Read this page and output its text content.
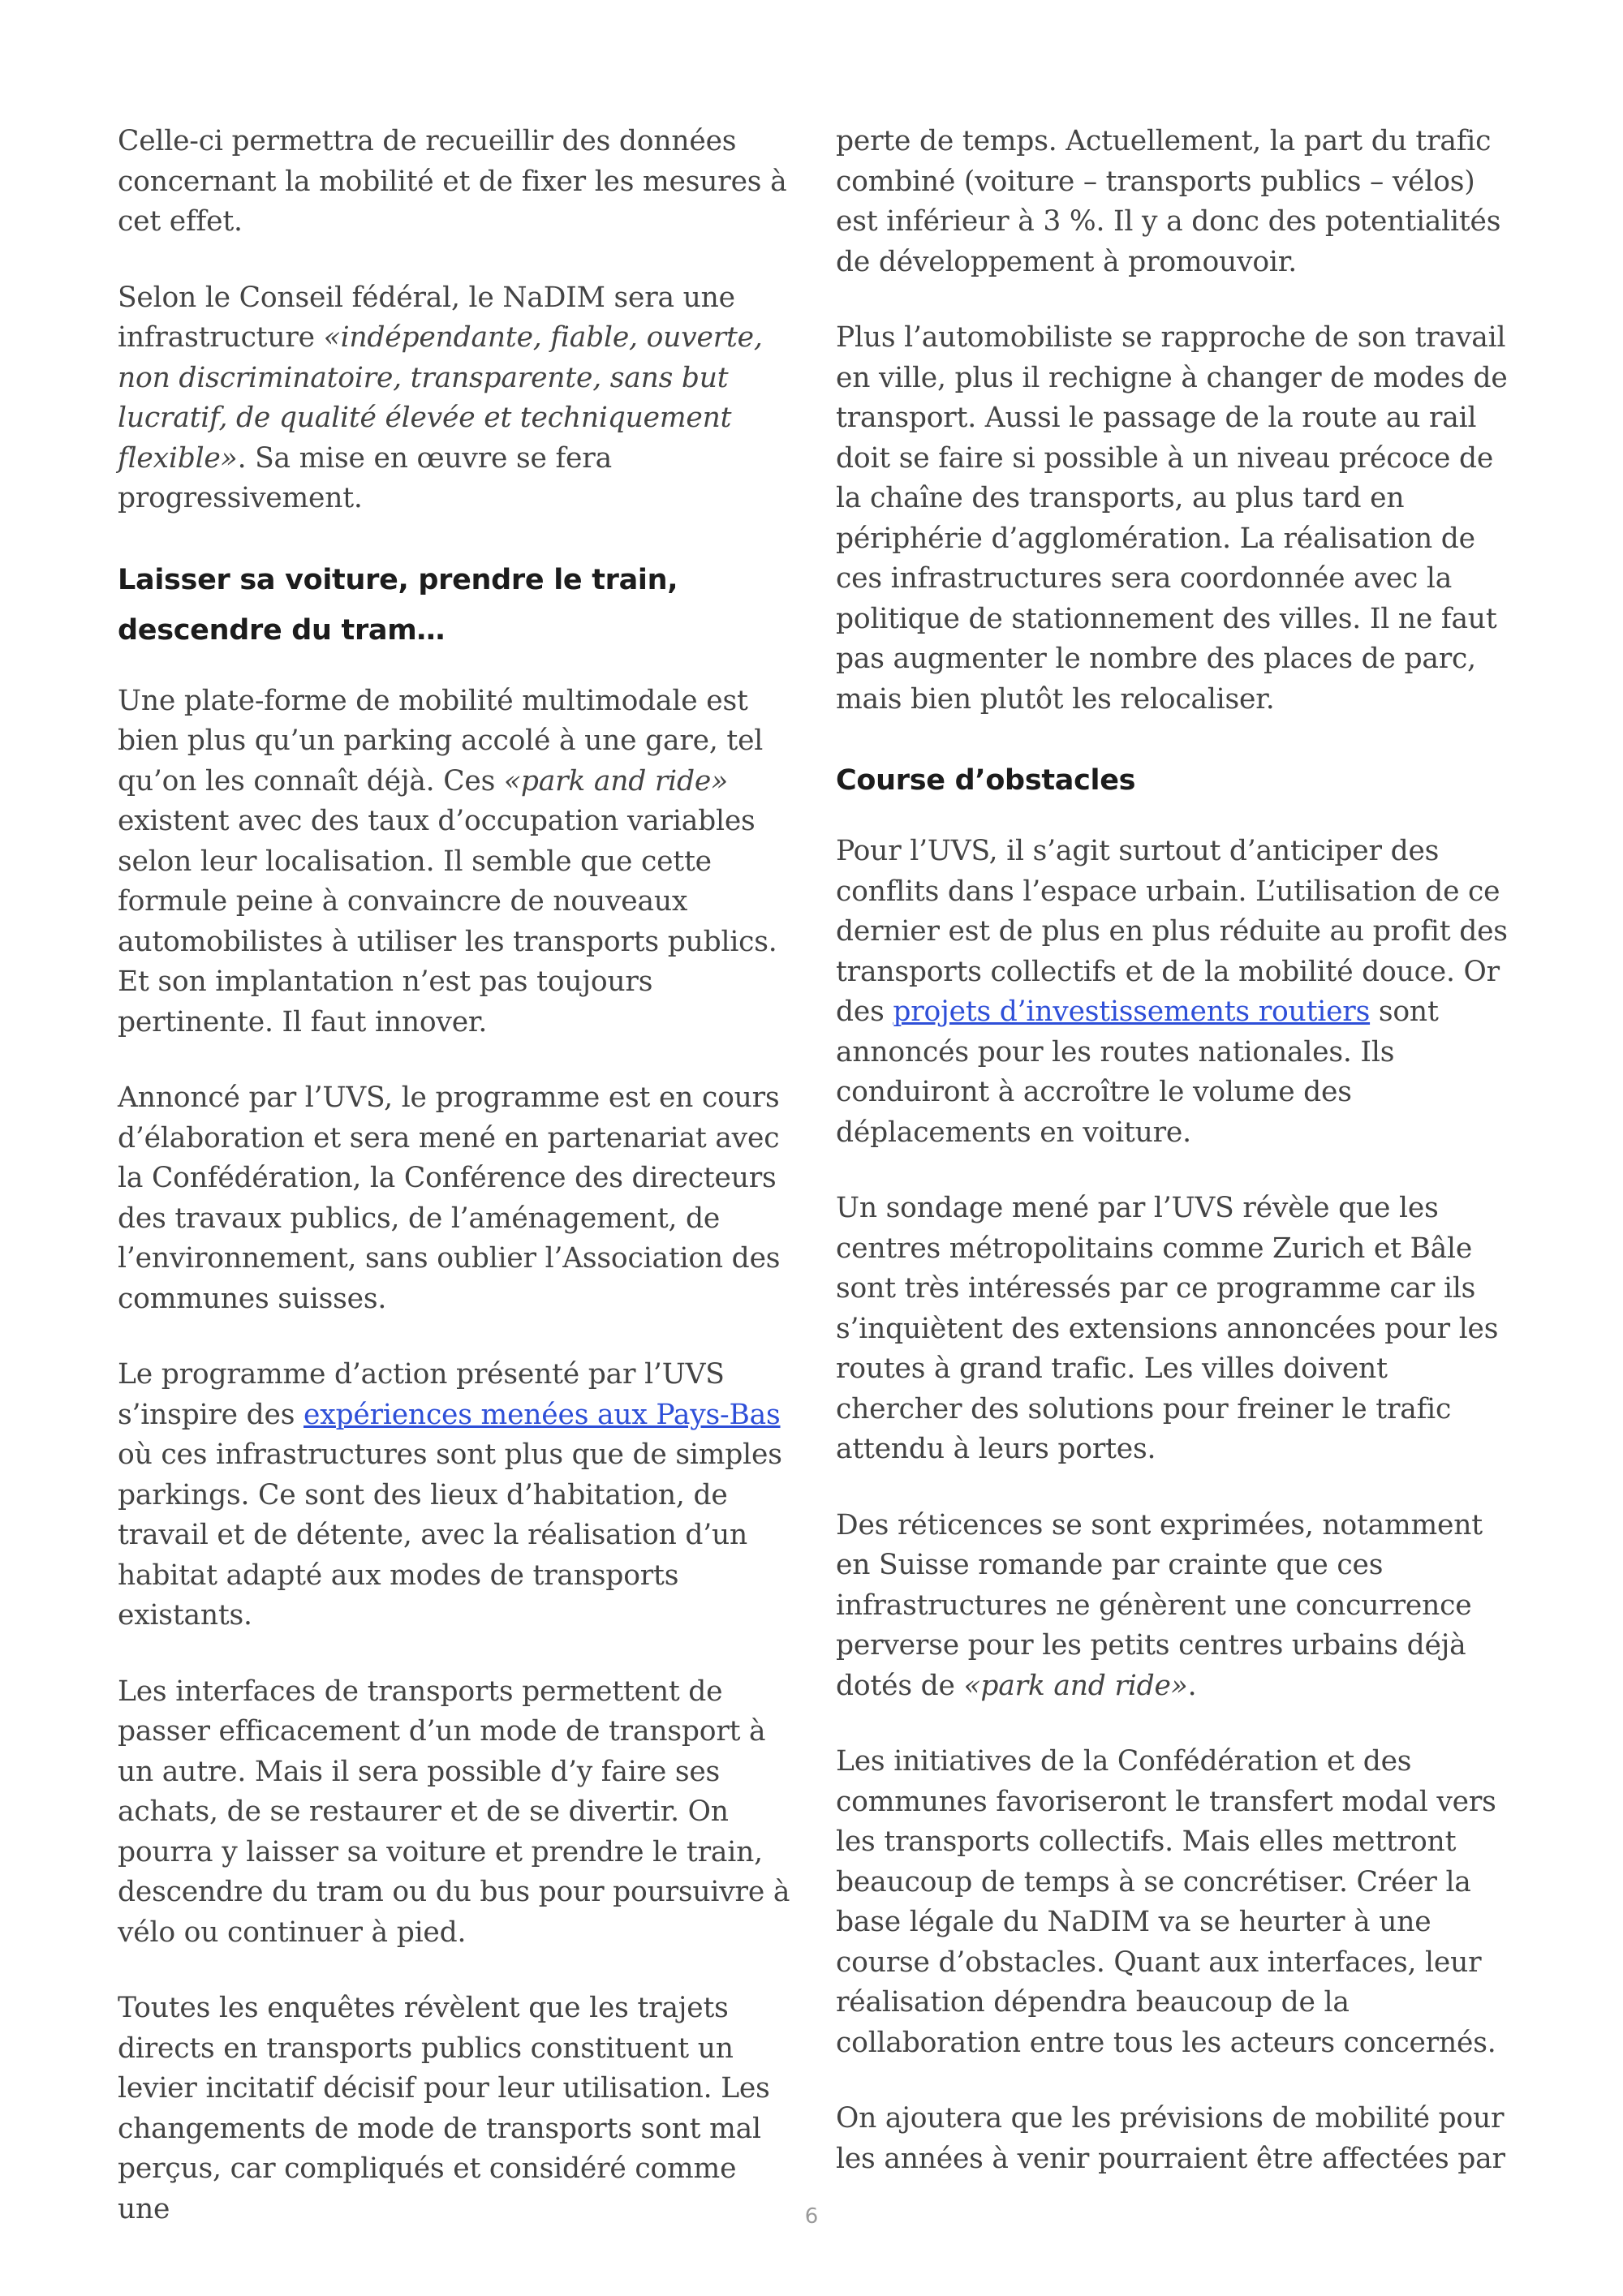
Celle-ci permettra de recueillir des données concernant la mobilité et de fixer les mesures à cet effet.

Selon le Conseil fédéral, le NaDIM sera une infrastructure «indépendante, fiable, ouverte, non discriminatoire, transparente, sans but lucratif, de qualité élevée et techniquement flexible». Sa mise en œuvre se fera progressivement.

Laisser sa voiture, prendre le train, descendre du tram…

Une plate-forme de mobilité multimodale est bien plus qu’un parking accolé à une gare, tel qu’on les connaît déjà. Ces «park and ride» existent avec des taux d’occupation variables selon leur localisation. Il semble que cette formule peine à convaincre de nouveaux automobilistes à utiliser les transports publics. Et son implantation n’est pas toujours pertinente. Il faut innover.

Annoncé par l’UVS, le programme est en cours d’élaboration et sera mené en partenariat avec la Confédération, la Conférence des directeurs des travaux publics, de l’aménagement, de l’environnement, sans oublier l’Association des communes suisses.

Le programme d’action présenté par l’UVS s’inspire des expériences menées aux Pays-Bas où ces infrastructures sont plus que de simples parkings. Ce sont des lieux d’habitation, de travail et de détente, avec la réalisation d’un habitat adapté aux modes de transports existants.

Les interfaces de transports permettent de passer efficacement d’un mode de transport à un autre. Mais il sera possible d’y faire ses achats, de se restaurer et de se divertir. On pourra y laisser sa voiture et prendre le train, descendre du tram ou du bus pour poursuivre à vélo ou continuer à pied.

Toutes les enquêtes révèlent que les trajets directs en transports publics constituent un levier incitatif décisif pour leur utilisation. Les changements de mode de transports sont mal perçus, car compliqués et considéré comme une

perte de temps. Actuellement, la part du trafic combiné (voiture – transports publics – vélos) est inférieur à 3 %. Il y a donc des potentialités de développement à promouvoir.

Plus l’automobiliste se rapproche de son travail en ville, plus il rechigne à changer de modes de transport. Aussi le passage de la route au rail doit se faire si possible à un niveau précoce de la chaîne des transports, au plus tard en périphérie d’agglomération. La réalisation de ces infrastructures sera coordonnée avec la politique de stationnement des villes. Il ne faut pas augmenter le nombre des places de parc, mais bien plutôt les relocaliser.

Course d’obstacles

Pour l’UVS, il s’agit surtout d’anticiper des conflits dans l’espace urbain. L’utilisation de ce dernier est de plus en plus réduite au profit des transports collectifs et de la mobilité douce. Or des projets d’investissements routiers sont annoncés pour les routes nationales. Ils conduiront à accroître le volume des déplacements en voiture.

Un sondage mené par l’UVS révèle que les centres métropolitains comme Zurich et Bâle sont très intéressés par ce programme car ils s’inquiètent des extensions annoncées pour les routes à grand trafic. Les villes doivent chercher des solutions pour freiner le trafic attendu à leurs portes.

Des réticences se sont exprimées, notamment en Suisse romande par crainte que ces infrastructures ne génèrent une concurrence perverse pour les petits centres urbains déjà dotés de «park and ride».

Les initiatives de la Confédération et des communes favoriseront le transfert modal vers les transports collectifs. Mais elles mettront beaucoup de temps à se concrétiser. Créer la base légale du NaDIM va se heurter à une course d’obstacles. Quant aux interfaces, leur réalisation dépendra beaucoup de la collaboration entre tous les acteurs concernés.

On ajoutera que les prévisions de mobilité pour les années à venir pourraient être affectées par

6
